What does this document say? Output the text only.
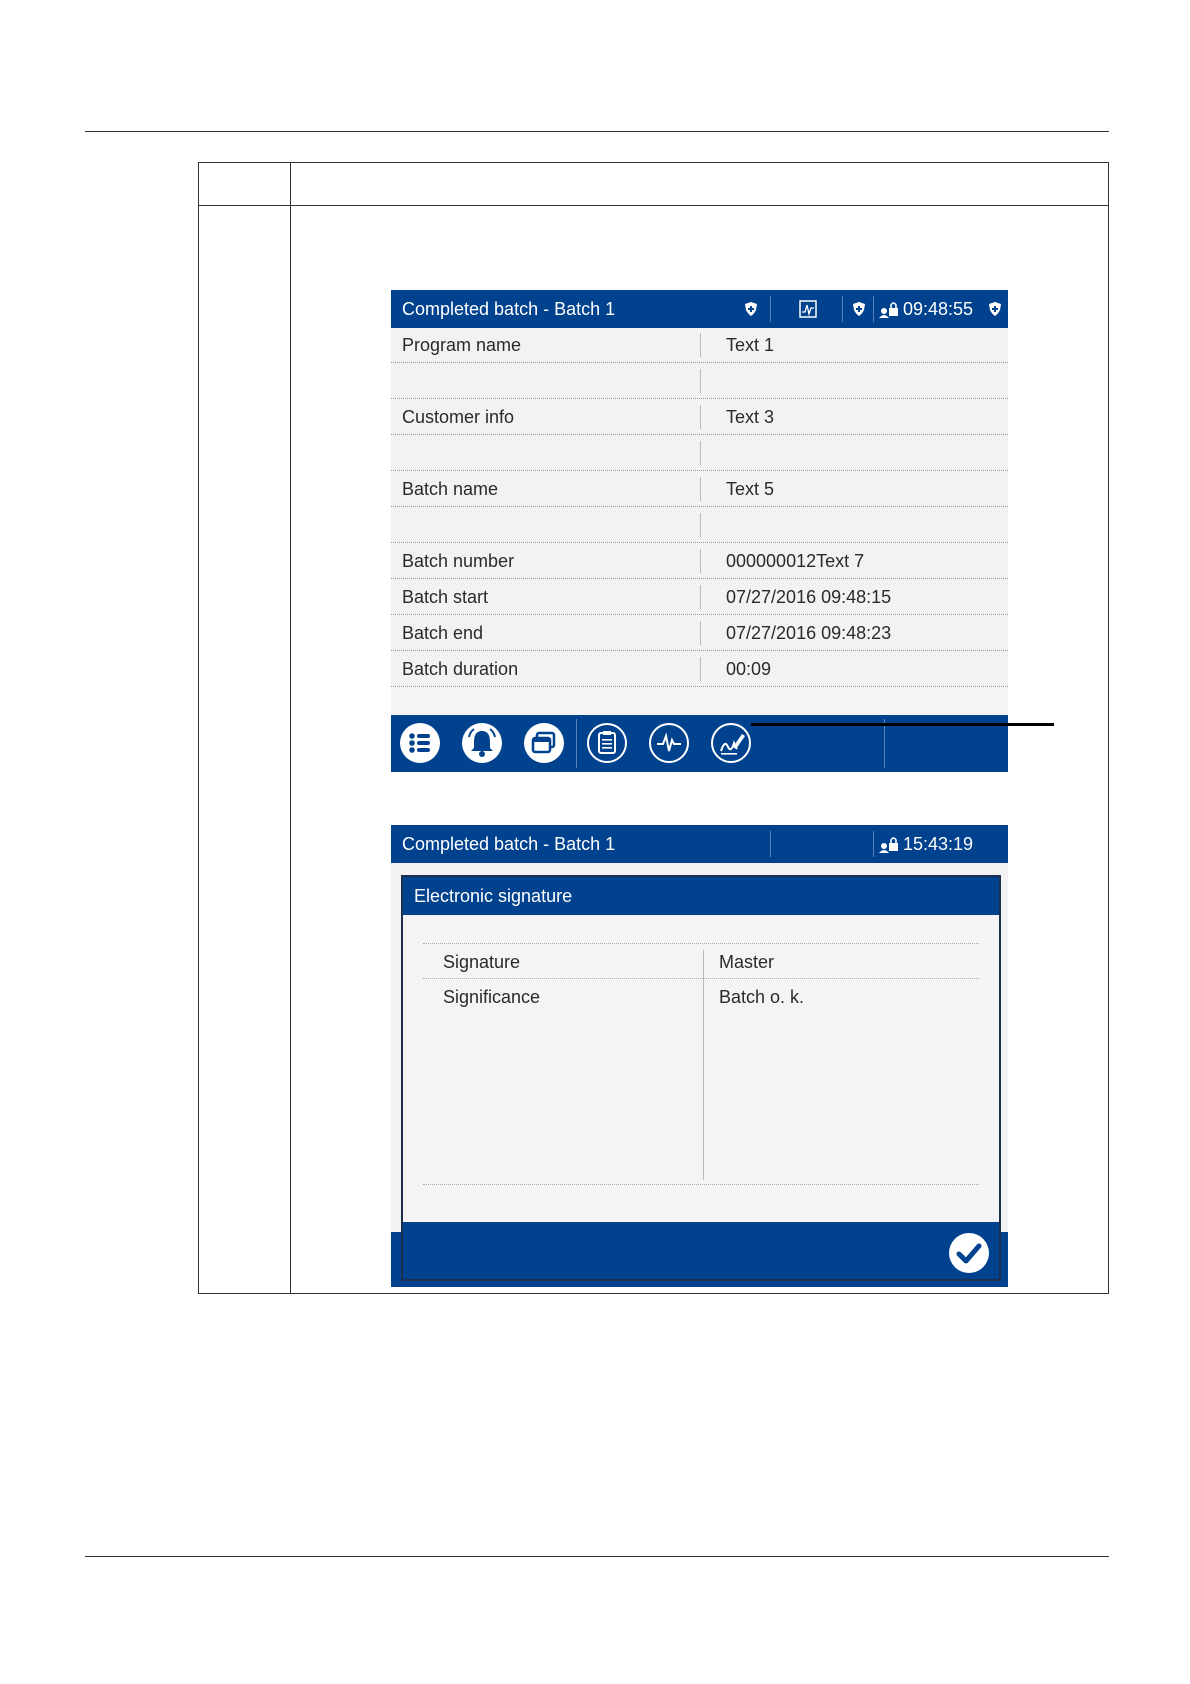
Completed batch - Batch 1	09:48:55
Program name	Text 1
Customer info	Text 3
Batch name	Text 5
Batch number	000000012Text 7
Batch start	07/27/2016 09:48:15
Batch end	07/27/2016 09:48:23
Batch duration	00:09
Completed batch - Batch 1	15:43:19
Electronic signature
Signature	Master
Significance	Batch o. k.
